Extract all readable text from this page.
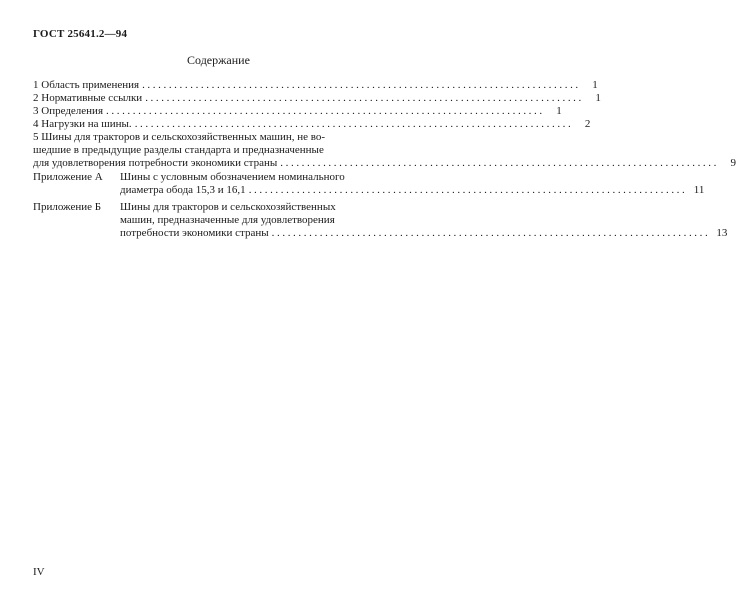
ГОСТ 25641.2—94
Содержание
1 Область применения ..................................................................................	1
2 Нормативные ссылки ..................................................................................	1
3 Определения ..................................................................................	1
4 Нагрузки на шины. ..................................................................................	2
5 Шины для тракторов и сельскохозяйственных машин, не во-
шедшие в предыдущие разделы стандарта и предназначенные
для удовлетворения потребности экономики страны ..................................................................................	9
Приложение А	Шины с условным обозначением номинального
диаметра обода 15,3 и 16,1 .................................................................................. 11
Приложение Б	Шины для тракторов и сельскохозяйственных
машин, предназначенные для удовлетворения
потребности экономики страны .................................................................................. 13
IV
